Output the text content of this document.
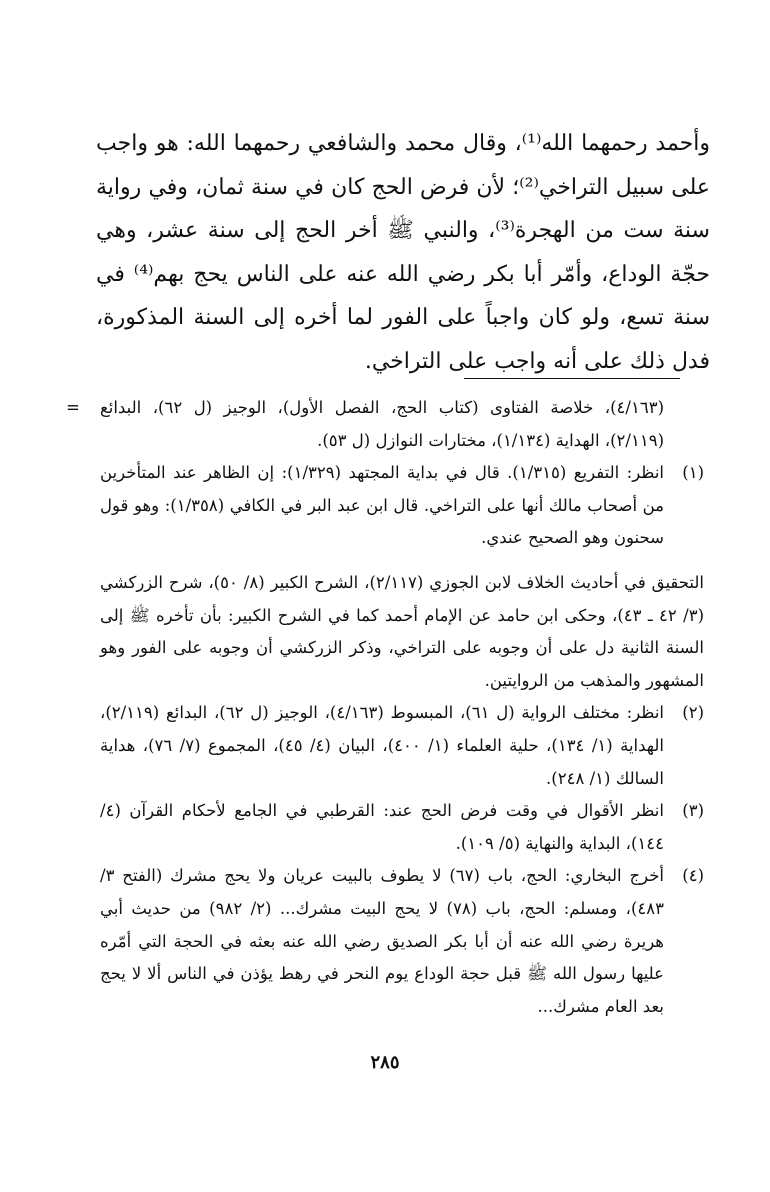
وأحمد رحمهما الله⁽¹⁾، وقال محمد والشافعي رحمهما الله: هو واجب على سبيل التراخي⁽²⁾؛ لأن فرض الحج كان في سنة ثمان، وفي رواية سنة ست من الهجرة⁽³⁾، والنبي ﷺ أخر الحج إلى سنة عشر، وهي حجّة الوداع، وأمّر أبا بكر رضي الله عنه على الناس يحج بهم⁽⁴⁾ في سنة تسع، ولو كان واجباً على الفور لما أخره إلى السنة المذكورة، فدل ذلك على أنه واجب على التراخي.

= (٤/١٦٣)، خلاصة الفتاوى (كتاب الحج، الفصل الأول)، الوجيز (ل ٦٢)، البدائع (٢/١١٩)، الهداية (١/١٣٤)، مختارات النوازل (ل ٥٣).

(١)
انظر: التفريع (١/٣١٥). قال في بداية المجتهد (١/٣٢٩): إن الظاهر عند المتأخرين من أصحاب مالك أنها على التراخي. قال ابن عبد البر في الكافي (١/٣٥٨): وهو قول سحنون وهو الصحيح عندي.

التحقيق في أحاديث الخلاف لابن الجوزي (٢/١١٧)، الشرح الكبير (٨/ ٥٠)، شرح الزركشي (٣/ ٤٢ ـ ٤٣)، وحكى ابن حامد عن الإمام أحمد كما في الشرح الكبير: بأن تأخره ﷺ إلى السنة الثانية دل على أن وجوبه على التراخي، وذكر الزركشي أن وجوبه على الفور وهو المشهور والمذهب من الروايتين.

(٢)
انظر: مختلف الرواية (ل ٦١)، المبسوط (٤/١٦٣)، الوجيز (ل ٦٢)، البدائع (٢/١١٩)، الهداية (١/ ١٣٤)، حلية العلماء (١/ ٤٠٠)، البيان (٤/ ٤٥)، المجموع (٧/ ٧٦)، هداية السالك (١/ ٢٤٨).

(٣)
انظر الأقوال في وقت فرض الحج عند: القرطبي في الجامع لأحكام القرآن (٤/ ١٤٤)، البداية والنهاية (٥/ ١٠٩).

(٤)
أخرج البخاري: الحج، باب (٦٧) لا يطوف بالبيت عريان ولا يحج مشرك (الفتح ٣/ ٤٨٣)، ومسلم: الحج، باب (٧٨) لا يحج البيت مشرك... (٢/ ٩٨٢) من حديث أبي هريرة رضي الله عنه أن أبا بكر الصديق رضي الله عنه بعثه في الحجة التي أمّره عليها رسول الله ﷺ قبل حجة الوداع يوم النحر في رهط يؤذن في الناس ألا لا يحج بعد العام مشرك...

٢٨٥
